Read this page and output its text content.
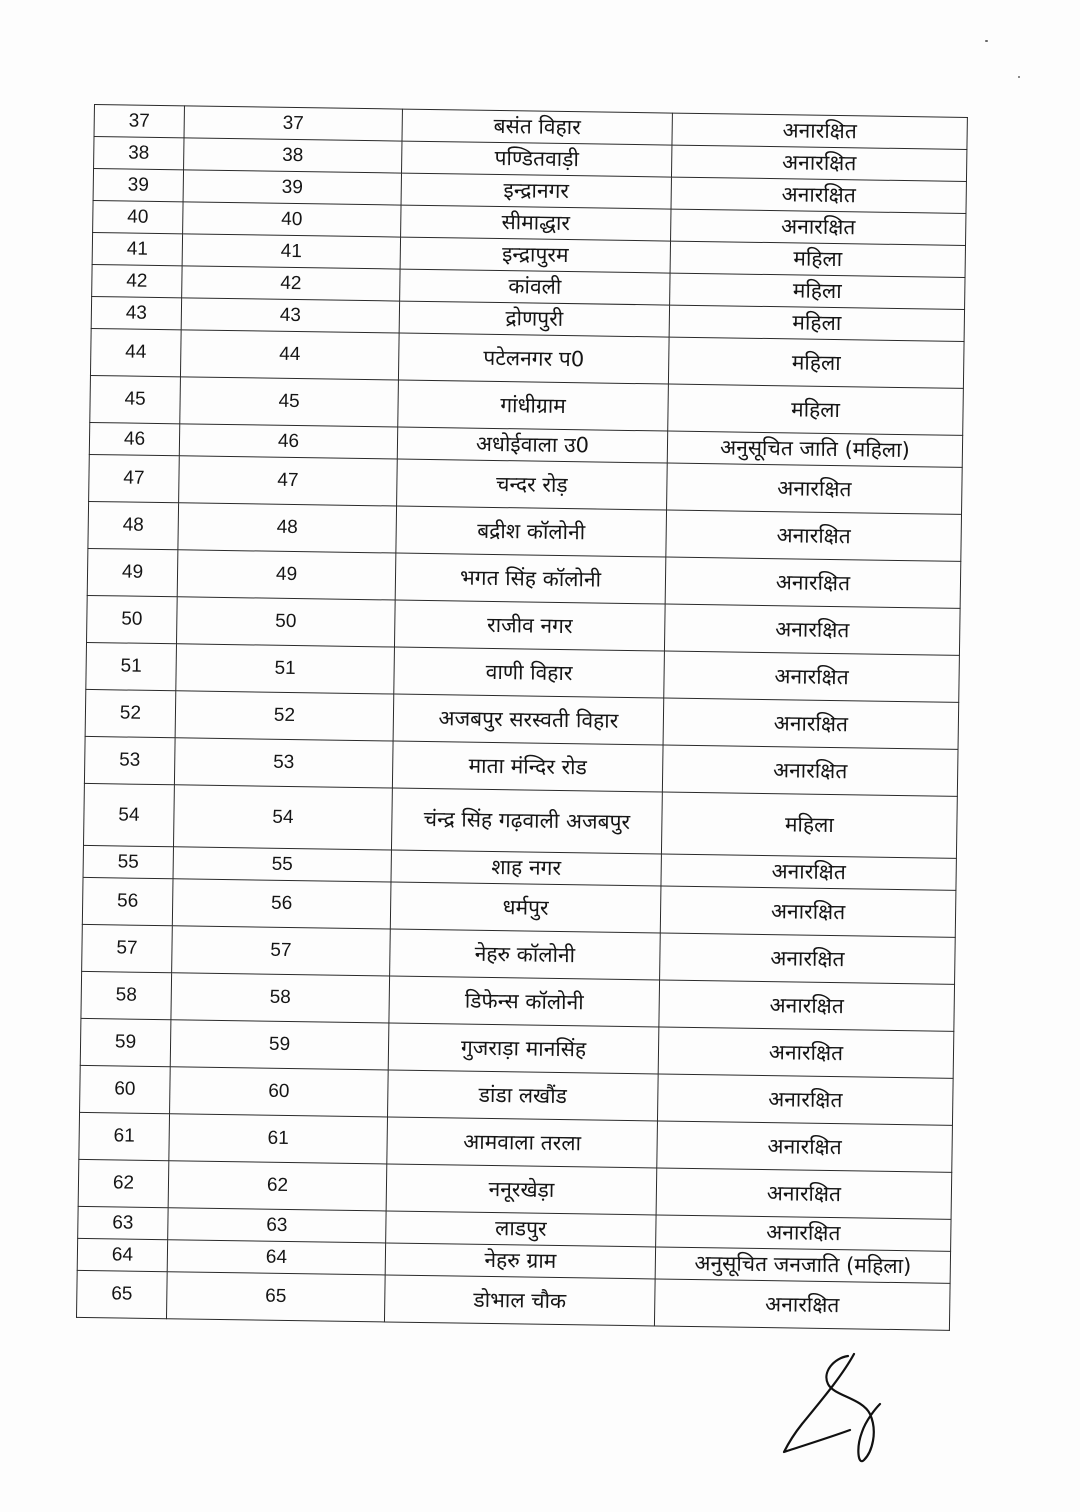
37	37	बसंत विहार	अनारक्षित
38	38	पण्डितवाड़ी	अनारक्षित
39	39	इन्द्रानगर	अनारक्षित
40	40	सीमाद्धार	अनारक्षित
41	41	इन्द्रापुरम	महिला
42	42	कांवली	महिला
43	43	द्रोणपुरी	महिला
44	44	पटेलनगर प0	महिला
45	45	गांधीग्राम	महिला
46	46	अधोईवाला उ0	अनुसूचित जाति (महिला)
47	47	चन्दर रोड़	अनारक्षित
48	48	बद्रीश कॉलोनी	अनारक्षित
49	49	भगत सिंह कॉलोनी	अनारक्षित
50	50	राजीव नगर	अनारक्षित
51	51	वाणी विहार	अनारक्षित
52	52	अजबपुर सरस्वती विहार	अनारक्षित
53	53	माता मंन्दिर रोड	अनारक्षित
54	54	चंन्द्र सिंह गढ़वाली अजबपुर	महिला
55	55	शाह नगर	अनारक्षित
56	56	धर्मपुर	अनारक्षित
57	57	नेहरु कॉलोनी	अनारक्षित
58	58	डिफेन्स कॉलोनी	अनारक्षित
59	59	गुजराड़ा मानसिंह	अनारक्षित
60	60	डांडा लखौंड	अनारक्षित
61	61	आमवाला तरला	अनारक्षित
62	62	ननूरखेड़ा	अनारक्षित
63	63	लाडपुर	अनारक्षित
64	64	नेहरु ग्राम	अनुसूचित जनजाति (महिला)
65	65	डोभाल चौक	अनारक्षित
